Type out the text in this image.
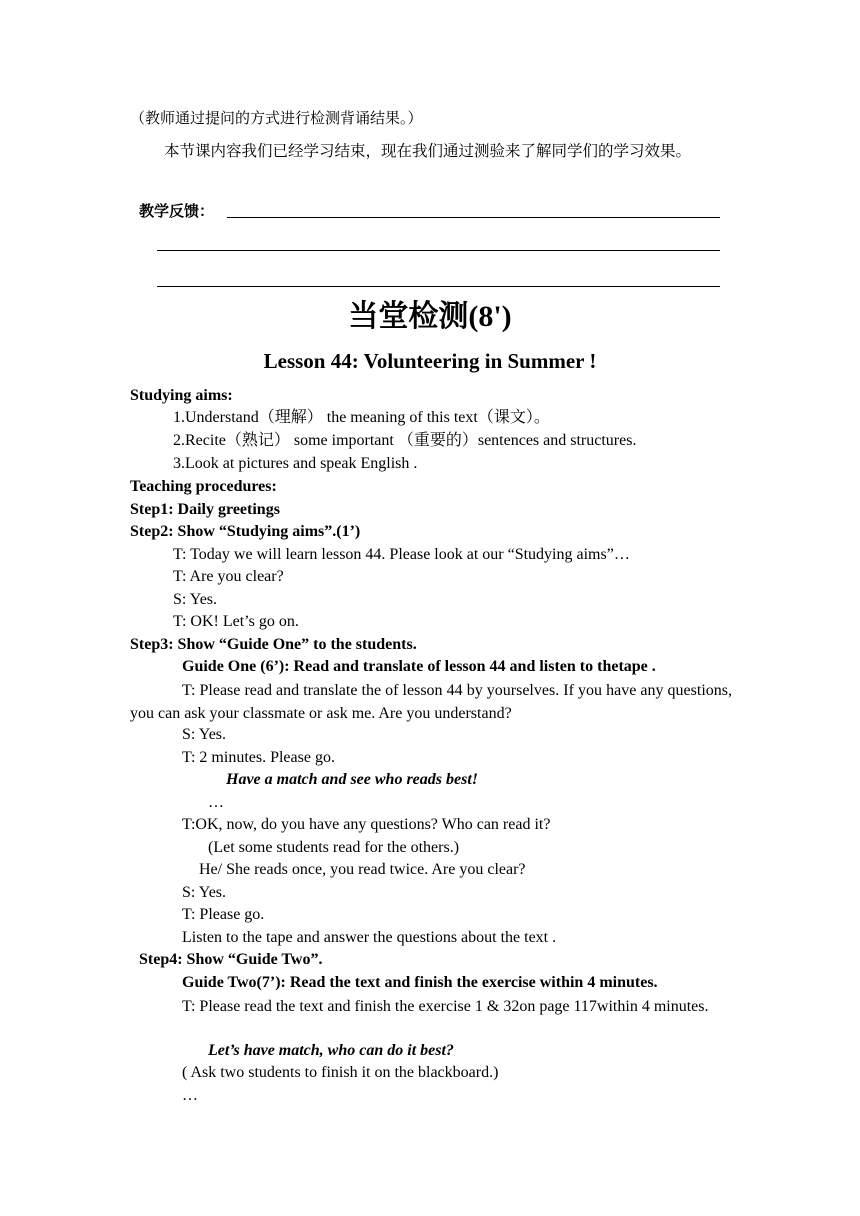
（教师通过提问的方式进行检测背诵结果。）
本节课内容我们已经学习结束，现在我们通过测验来了解同学们的学习效果。
教学反馈：
当堂检测(8')
Lesson 44: Volunteering in Summer !
Studying aims:
1.Understand（理解） the meaning of this text（课文）。
2.Recite（熟记） some important （重要的）sentences and structures.
3.Look at pictures and speak English .
Teaching procedures:
Step1: Daily greetings
Step2: Show “Studying aims”.(1’)
T: Today we will learn lesson 44. Please look at our “Studying aims”…
T: Are you clear?
S: Yes.
T: OK! Let’s go on.
Step3: Show “Guide One” to the students.
Guide One (6’): Read and translate of lesson 44 and listen to thetape .
T: Please read and translate the of lesson 44 by yourselves. If you have any questions, you can ask your classmate or ask me. Are you understand?
S: Yes.
T: 2 minutes. Please go.
Have a match and see who reads best!
…
T:OK, now, do you have any questions? Who can read it?
(Let some students read for the others.)
He/ She reads once, you read twice. Are you clear?
S: Yes.
T: Please go.
Listen to the tape and answer the questions about the text .
Step4: Show “Guide Two”.
Guide Two(7’): Read the text and finish the exercise within 4 minutes.
T: Please read the text and finish the exercise 1 & 32on page 117within 4 minutes.
Let’s have match, who can do it best?
( Ask two students to finish it on the blackboard.)
…
